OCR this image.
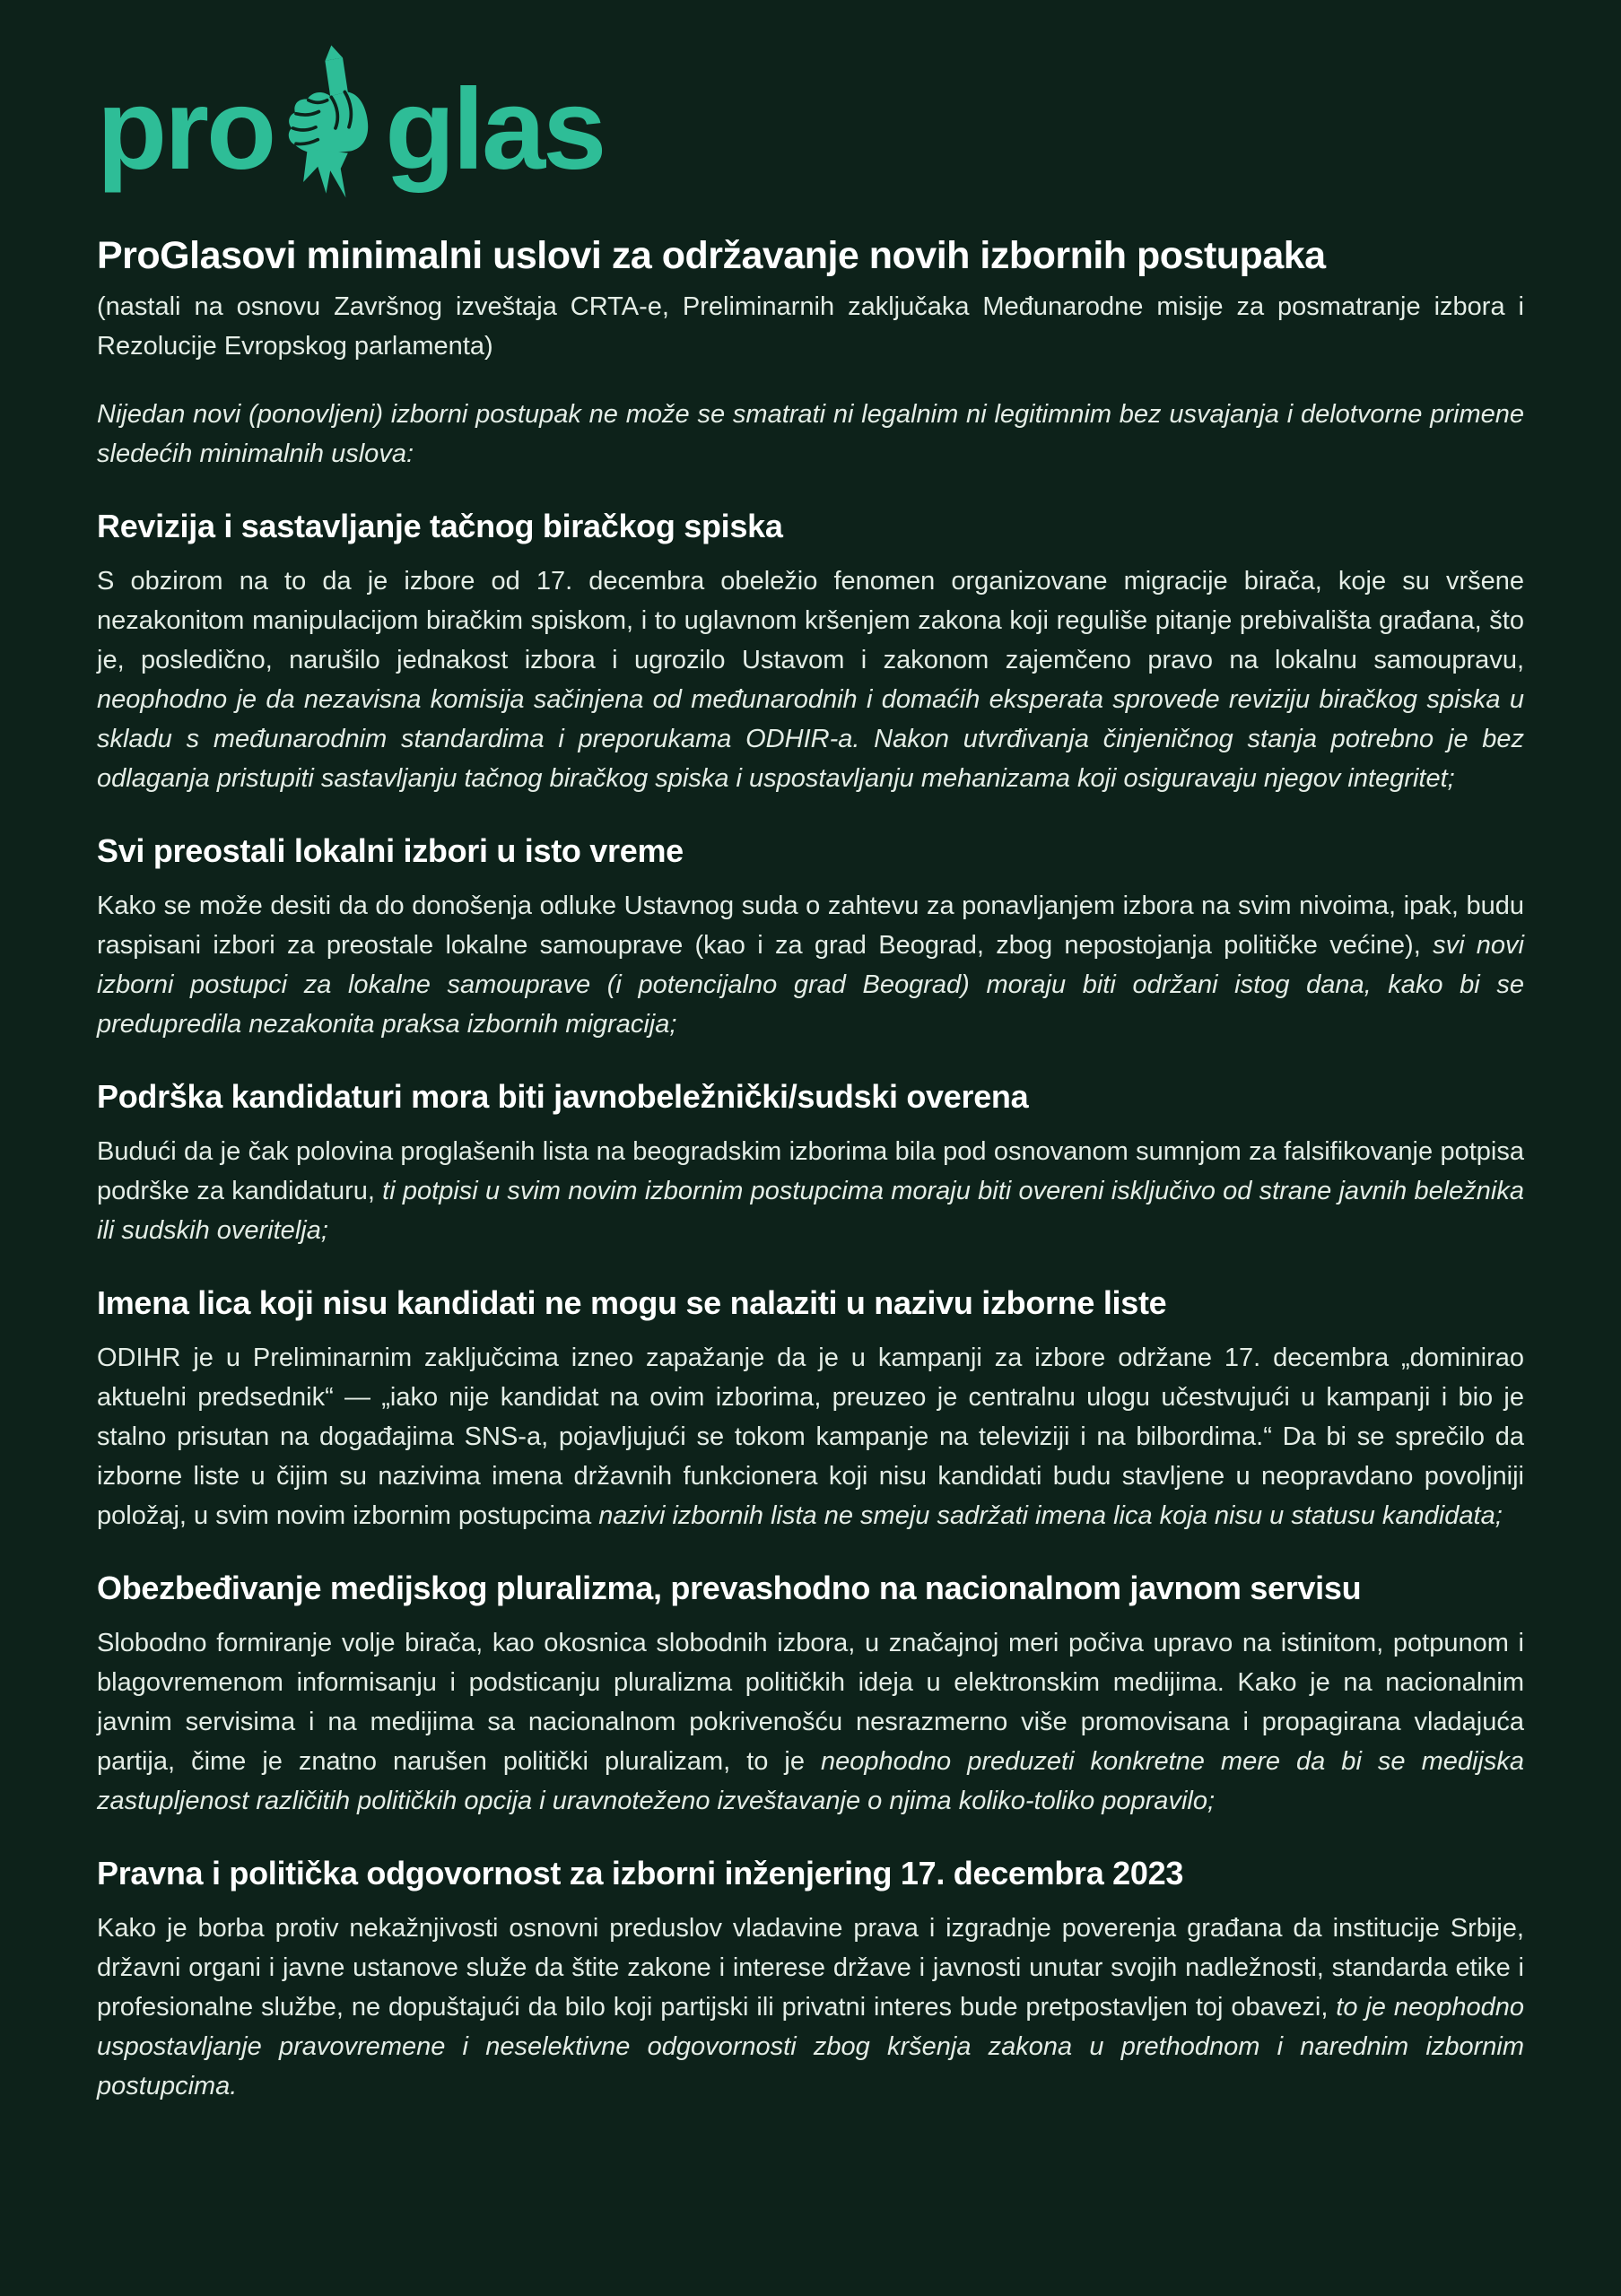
pro glas
ProGlasovi minimalni uslovi za održavanje novih izbornih postupaka

(nastali na osnovu Završnog izveštaja CRTA-e, Preliminarnih zaključaka Međunarodne misije za posmatranje izbora i Rezolucije Evropskog parlamenta)

Nijedan novi (ponovljeni) izborni postupak ne može se smatrati ni legalnim ni legitimnim bez usvajanja i delotvorne primene sledećih minimalnih uslova:

Revizija i sastavljanje tačnog biračkog spiska

S obzirom na to da je izbore od 17. decembra obeležio fenomen organizovane migracije birača, koje su vršene nezakonitom manipulacijom biračkim spiskom, i to uglavnom kršenjem zakona koji reguliše pitanje prebivališta građana, što je, posledično, narušilo jednakost izbora i ugrozilo Ustavom i zakonom zajemčeno pravo na lokalnu samoupravu, neophodno je da nezavisna komisija sačinjena od međunarodnih i domaćih eksperata sprovede reviziju biračkog spiska u skladu s međunarodnim standardima i preporukama ODHIR-a. Nakon utvrđivanja činjeničnog stanja potrebno je bez odlaganja pristupiti sastavljanju tačnog biračkog spiska i uspostavljanju mehanizama koji osiguravaju njegov integritet;

Svi preostali lokalni izbori u isto vreme

Kako se može desiti da do donošenja odluke Ustavnog suda o zahtevu za ponavljanjem izbora na svim nivoima, ipak, budu raspisani izbori za preostale lokalne samouprave (kao i za grad Beograd, zbog nepostojanja političke većine), svi novi izborni postupci za lokalne samouprave (i potencijalno grad Beograd) moraju biti održani istog dana, kako bi se predupredila nezakonita praksa izbornih migracija;

Podrška kandidaturi mora biti javnobeležnički/sudski overena

Budući da je čak polovina proglašenih lista na beogradskim izborima bila pod osnovanom sumnjom za falsifikovanje potpisa podrške za kandidaturu, ti potpisi u svim novim izbornim postupcima moraju biti overeni isključivo od strane javnih beležnika ili sudskih overitelja;

Imena lica koji nisu kandidati ne mogu se nalaziti u nazivu izborne liste

ODIHR je u Preliminarnim zaključcima izneo zapažanje da je u kampanji za izbore održane 17. decembra „dominirao aktuelni predsednik“ — „iako nije kandidat na ovim izborima, preuzeo je centralnu ulogu učestvujući u kampanji i bio je stalno prisutan na događajima SNS-a, pojavljujući se tokom kampanje na televiziji i na bilbordima.“ Da bi se sprečilo da izborne liste u čijim su nazivima imena državnih funkcionera koji nisu kandidati budu stavljene u neopravdano povoljniji položaj, u svim novim izbornim postupcima nazivi izbornih lista ne smeju sadržati imena lica koja nisu u statusu kandidata;

Obezbeđivanje medijskog pluralizma, prevashodno na nacionalnom javnom servisu

Slobodno formiranje volje birača, kao okosnica slobodnih izbora, u značajnoj meri počiva upravo na istinitom, potpunom i blagovremenom informisanju i podsticanju pluralizma političkih ideja u elektronskim medijima. Kako je na nacionalnim javnim servisima i na medijima sa nacionalnom pokrivenošću nesrazmerno više promovisana i propagirana vladajuća partija, čime je znatno narušen politički pluralizam, to je neophodno preduzeti konkretne mere da bi se medijska zastupljenost različitih političkih opcija i uravnoteženo izveštavanje o njima koliko-toliko popravilo;

Pravna i politička odgovornost za izborni inženjering 17. decembra 2023

Kako je borba protiv nekažnjivosti osnovni preduslov vladavine prava i izgradnje poverenja građana da institucije Srbije, državni organi i javne ustanove služe da štite zakone i interese države i javnosti unutar svojih nadležnosti, standarda etike i profesionalne službe, ne dopuštajući da bilo koji partijski ili privatni interes bude pretpostavljen toj obavezi, to je neophodno uspostavljanje pravovremene i neselektivne odgovornosti zbog kršenja zakona u prethodnom i narednim izbornim postupcima.
